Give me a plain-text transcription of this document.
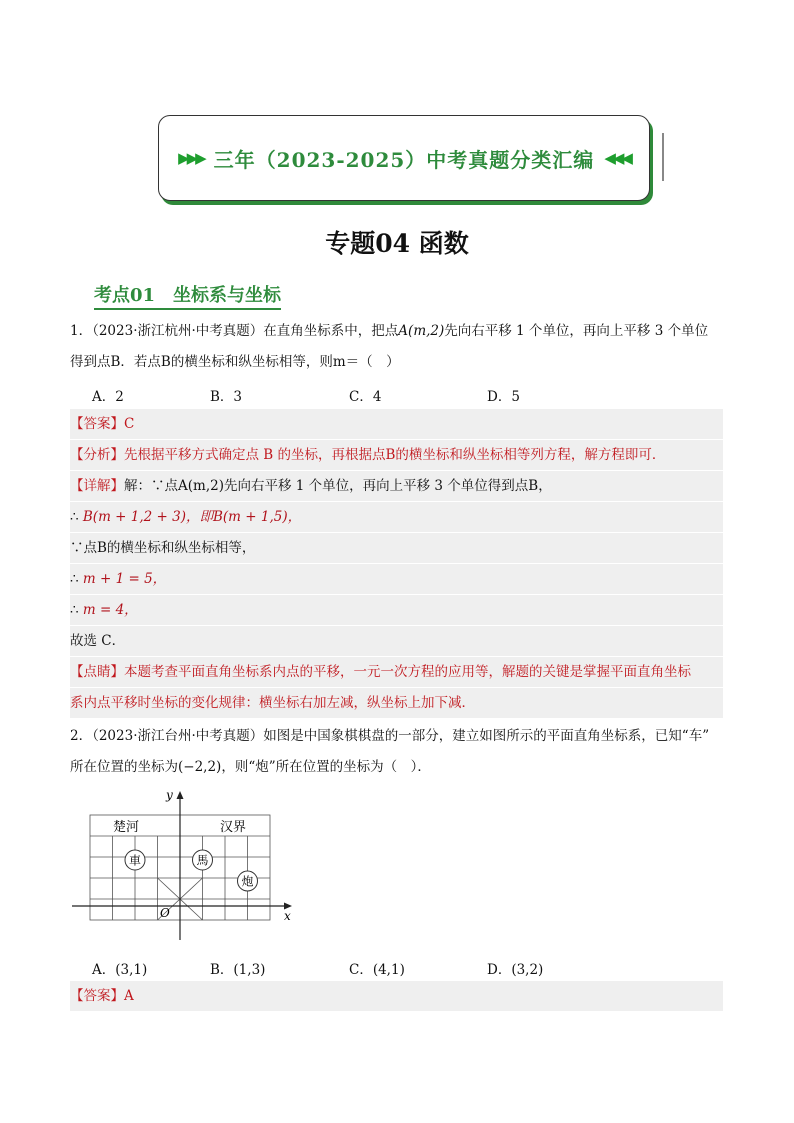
▶▶▶ 三年（2023-2025）中考真题分类汇编 ◀◀◀
专题04 函数
考点01　坐标系与坐标
1．（2023·浙江杭州·中考真题）在直角坐标系中，把点A(m,2)先向右平移 1 个单位，再向上平移 3 个单位
得到点B．若点B的横坐标和纵坐标相等，则m＝（　）
A．2	B．3	C．4	D．5
【答案】C
【分析】先根据平移方式确定点 B 的坐标，再根据点B的横坐标和纵坐标相等列方程，解方程即可．
【详解】解：∵点A(m,2)先向右平移 1 个单位，再向上平移 3 个单位得到点B，
∴ B(m + 1,2 + 3)，即B(m + 1,5)，
∵点B的横坐标和纵坐标相等，
∴ m + 1 = 5，
∴ m = 4，
故选 C．
【点睛】本题考查平面直角坐标系内点的平移，一元一次方程的应用等，解题的关键是掌握平面直角坐标
系内点平移时坐标的变化规律：横坐标右加左减，纵坐标上加下减．
2．（2023·浙江台州·中考真题）如图是中国象棋棋盘的一部分，建立如图所示的平面直角坐标系，已知“车”
所在位置的坐标为(−2,2)，则“炮”所在位置的坐标为（　）．
y
x
O
楚河	汉界
車	馬
炮
A．(3,1)	B．(1,3)	C．(4,1)	D．(3,2)
【答案】A
